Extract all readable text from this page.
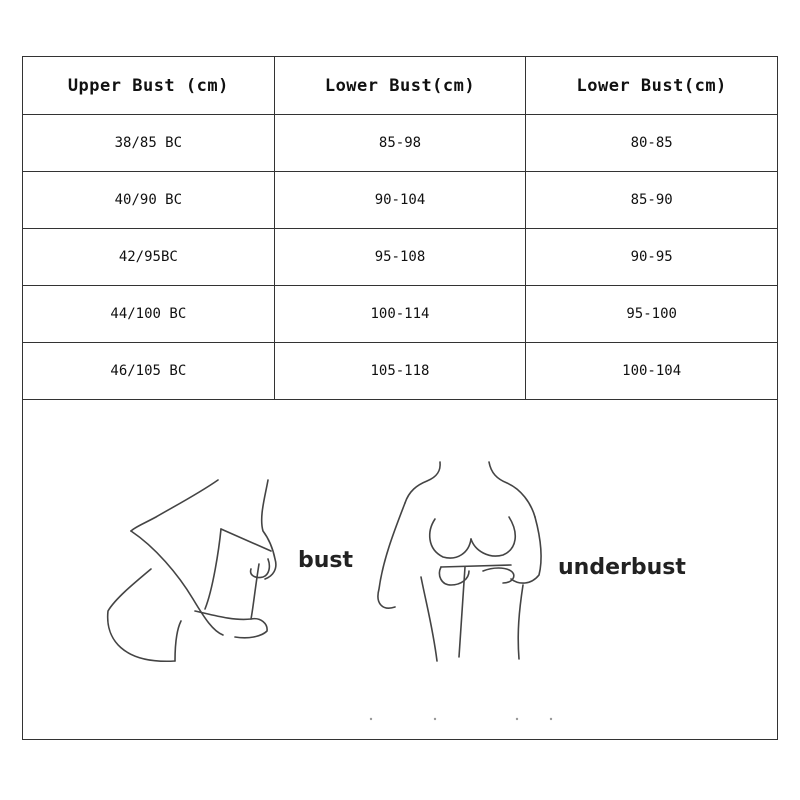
Upper Bust (cm)	Lower Bust(cm)	Lower Bust(cm)
38/85 BC	85-98	80-85
40/90 BC	90-104	85-90
42/95BC	95-108	90-95
44/100 BC	100-114	95-100
46/105 BC	105-118	100-104
bust	underbust
